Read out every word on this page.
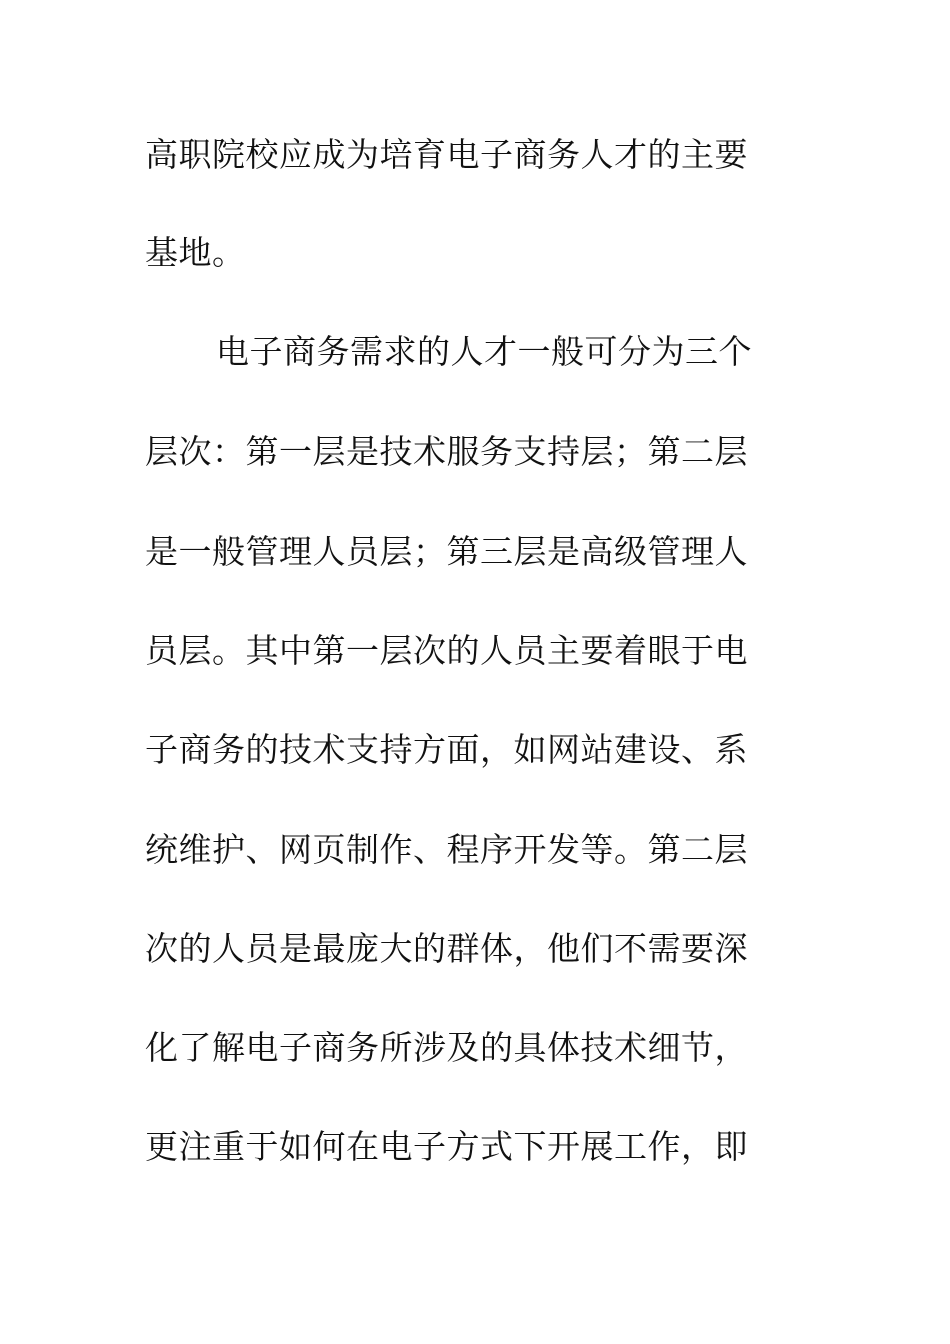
高职院校应成为培育电子商务人才的主要
基地。
电子商务需求的人才一般可分为三个
层次：第一层是技术服务支持层；第二层
是一般管理人员层；第三层是高级管理人
员层。其中第一层次的人员主要着眼于电
子商务的技术支持方面，如网站建设、系
统维护、网页制作、程序开发等。第二层
次的人员是最庞大的群体，他们不需要深
化了解电子商务所涉及的具体技术细节，
更注重于如何在电子方式下开展工作，即
